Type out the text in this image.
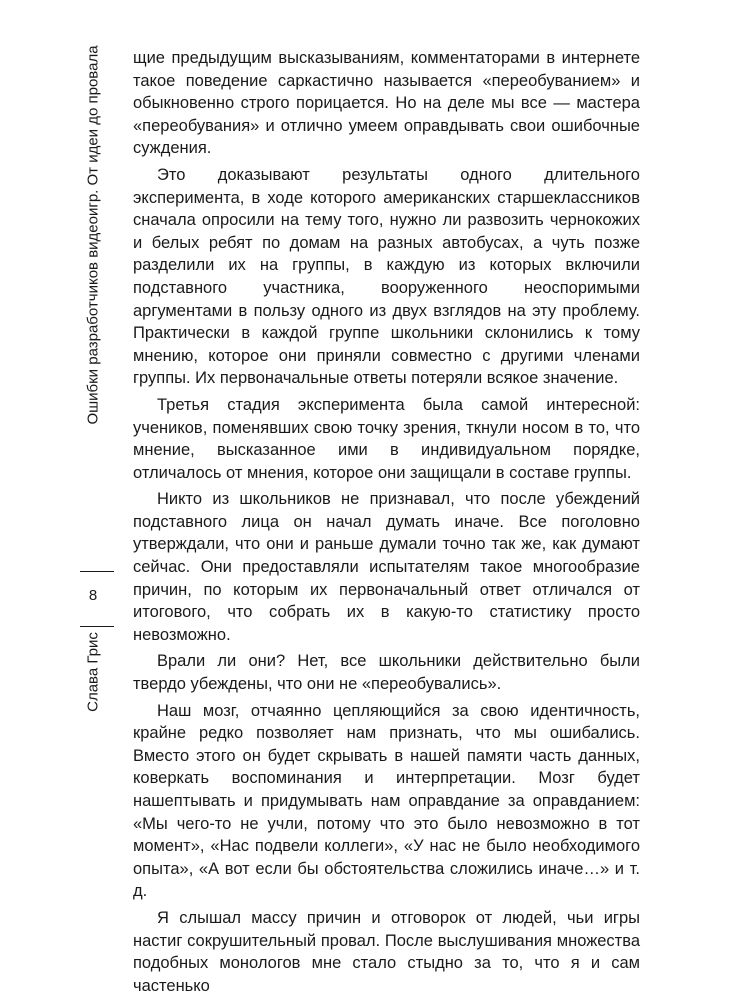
Ошибки разработчиков видеоигр. От идеи до провала
8
Слава Грис

щие предыдущим высказываниям, комментаторами в интернете такое поведение саркастично называется «переобуванием» и обыкновенно строго порицается. Но на деле мы все — мастера «переобувания» и отлично умеем оправдывать свои ошибочные суждения.

Это доказывают результаты одного длительного эксперимента, в ходе которого американских старшеклассников сначала опросили на тему того, нужно ли развозить чернокожих и белых ребят по домам на разных автобусах, а чуть позже разделили их на группы, в каждую из которых включили подставного участника, вооруженного неоспоримыми аргументами в пользу одного из двух взглядов на эту проблему. Практически в каждой группе школьники склонились к тому мнению, которое они приняли совместно с другими членами группы. Их первоначальные ответы потеряли всякое значение.

Третья стадия эксперимента была самой интересной: учеников, поменявших свою точку зрения, ткнули носом в то, что мнение, высказанное ими в индивидуальном порядке, отличалось от мнения, которое они защищали в составе группы.

Никто из школьников не признавал, что после убеждений подставного лица он начал думать иначе. Все поголовно утверждали, что они и раньше думали точно так же, как думают сейчас. Они предоставляли испытателям такое многообразие причин, по которым их первоначальный ответ отличался от итогового, что собрать их в какую-то статистику просто невозможно.

Врали ли они? Нет, все школьники действительно были твердо убеждены, что они не «переобувались».

Наш мозг, отчаянно цепляющийся за свою идентичность, крайне редко позволяет нам признать, что мы ошибались. Вместо этого он будет скрывать в нашей памяти часть данных, коверкать воспоминания и интерпретации. Мозг будет нашептывать и придумывать нам оправдание за оправданием: «Мы чего-то не учли, потому что это было невозможно в тот момент», «Нас подвели коллеги», «У нас не было необходимого опыта», «А вот если бы обстоятельства сложились иначе…» и т. д.

Я слышал массу причин и отговорок от людей, чьи игры настиг сокрушительный провал. После выслушивания множества подобных монологов мне стало стыдно за то, что я и сам частенько
